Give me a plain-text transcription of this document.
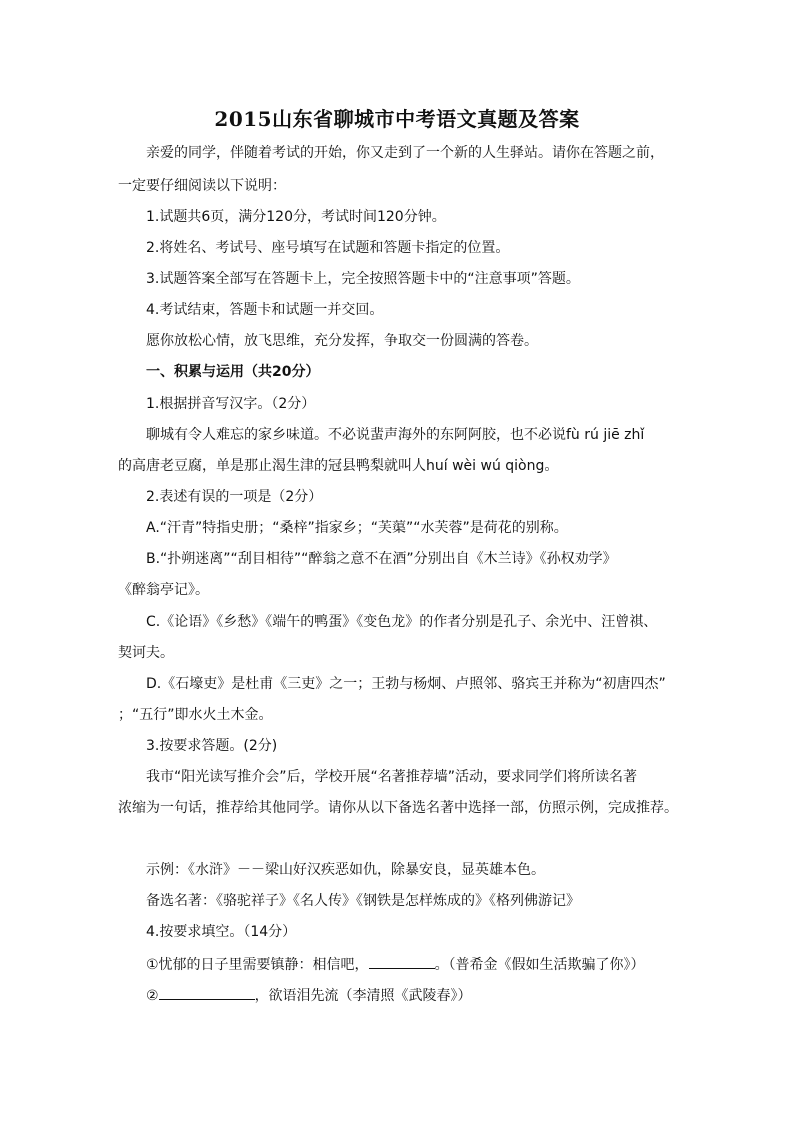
2015山东省聊城市中考语文真题及答案
亲爱的同学，伴随着考试的开始，你又走到了一个新的人生驿站。请你在答题之前，
一定要仔细阅读以下说明：
1.试题共6页，满分120分，考试时间120分钟。
2.将姓名、考试号、座号填写在试题和答题卡指定的位置。
3.试题答案全部写在答题卡上，完全按照答题卡中的“注意事项”答题。
4.考试结束，答题卡和试题一并交回。
愿你放松心情，放飞思维，充分发挥，争取交一份圆满的答卷。
一、积累与运用（共20分）
1.根据拼音写汉字。（2分）
聊城有令人难忘的家乡味道。不必说蜚声海外的东阿阿胶，也不必说fù rú jiē zhǐ
的高唐老豆腐，单是那止渴生津的冠县鸭梨就叫人huí wèi wú qiòng。
2.表述有误的一项是（2分）
A.“汗青”特指史册；“桑梓”指家乡；“芙蕖”“水芙蓉”是荷花的别称。
B.“扑朔迷离”“刮目相待”“醉翁之意不在酒”分别出自《木兰诗》《孙权劝学》
《醉翁亭记》。
C.《论语》《乡愁》《端午的鸭蛋》《变色龙》的作者分别是孔子、余光中、汪曾祺、
契诃夫。
D.《石壕吏》是杜甫《三吏》之一；王勃与杨炯、卢照邻、骆宾王并称为“初唐四杰”
；“五行”即水火土木金。
3.按要求答题。(2分)
我市“阳光读写推介会”后，学校开展“名著推荐墙”活动，要求同学们将所读名著
浓缩为一句话，推荐给其他同学。请你从以下备选名著中选择一部，仿照示例，完成推荐。
示例：《水浒》－－梁山好汉疾恶如仇，除暴安良，显英雄本色。
备选名著：《骆驼祥子》《名人传》《钢铁是怎样炼成的》《格列佛游记》
4.按要求填空。（14分）
①忧郁的日子里需要镇静：相信吧，	。（普希金《假如生活欺骗了你》）
②	，欲语泪先流（李清照《武陵春》）
